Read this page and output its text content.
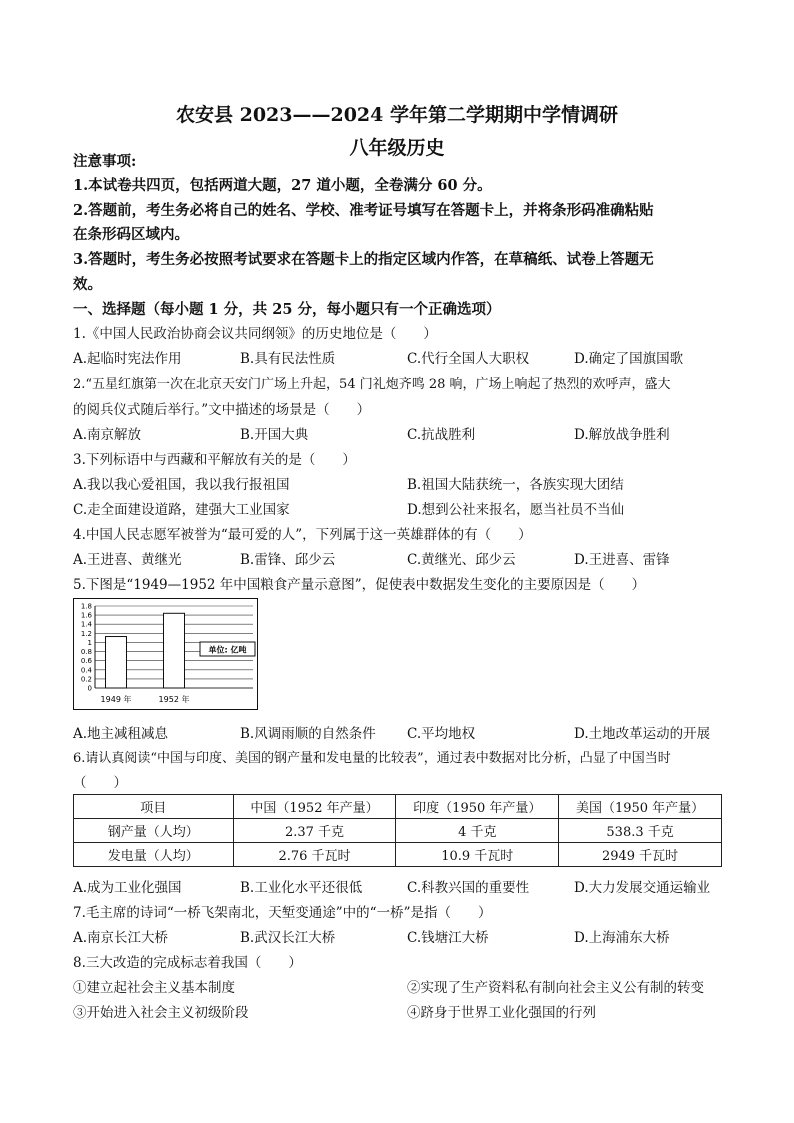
农安县 2023——2024 学年第二学期期中学情调研
八年级历史
注意事项:
1.本试卷共四页，包括两道大题，27 道小题，全卷满分 60 分。
2.答题前，考生务必将自己的姓名、学校、准考证号填写在答题卡上，并将条形码准确粘贴
在条形码区域内。
3.答题时，考生务必按照考试要求在答题卡上的指定区域内作答，在草稿纸、试卷上答题无
效。
一、选择题（每小题 1 分，共 25 分，每小题只有一个正确选项）
1.《中国人民政治协商会议共同纲领》的历史地位是（　　）
A.起临时宪法作用	B.具有民法性质	C.代行全国人大职权	D.确定了国旗国歌
2.“五星红旗第一次在北京天安门广场上升起，54 门礼炮齐鸣 28 响，广场上响起了热烈的欢呼声，盛大
的阅兵仪式随后举行。”文中描述的场景是（　　）
A.南京解放	B.开国大典	C.抗战胜利	D.解放战争胜利
3.下列标语中与西藏和平解放有关的是（　　）
A.我以我心爱祖国，我以我行报祖国	B.祖国大陆获统一，各族实现大团结
C.走全面建设道路，建强大工业国家	D.想到公社来报名，愿当社员不当仙
4.中国人民志愿军被誉为“最可爱的人”，下列属于这一英雄群体的有（　　）
A.王进喜、黄继光	B.雷锋、邱少云	C.黄继光、邱少云	D.王进喜、雷锋
5.下图是“1949—1952 年中国粮食产量示意图”，促使表中数据发生变化的主要原因是（　　）
0
0.2
0.4
0.6
0.8
1
1.2
1.4
1.6
1.8
1949 年	1952 年
单位: 亿吨
A.地主减租减息	B.风调雨顺的自然条件 C.平均地权	D.土地改革运动的开展
6.请认真阅读“中国与印度、美国的钢产量和发电量的比较表”，通过表中数据对比分析，凸显了中国当时
（　　）
项目	中国（1952 年产量）	印度（1950 年产量）	美国（1950 年产量）
钢产量（人均）	2.37 千克	4 千克	538.3 千克
发电量（人均）	2.76 千瓦时	10.9 千瓦时	2949 千瓦时
A.成为工业化强国	B.工业化水平还很低	C.科教兴国的重要性	D.大力发展交通运输业
7.毛主席的诗词“一桥飞架南北，天堑变通途”中的“一桥”是指（　　）
A.南京长江大桥	B.武汉长江大桥	C.钱塘江大桥	D.上海浦东大桥
8.三大改造的完成标志着我国（　　）
①建立起社会主义基本制度	②实现了生产资料私有制向社会主义公有制的转变
③开始进入社会主义初级阶段	④跻身于世界工业化强国的行列
